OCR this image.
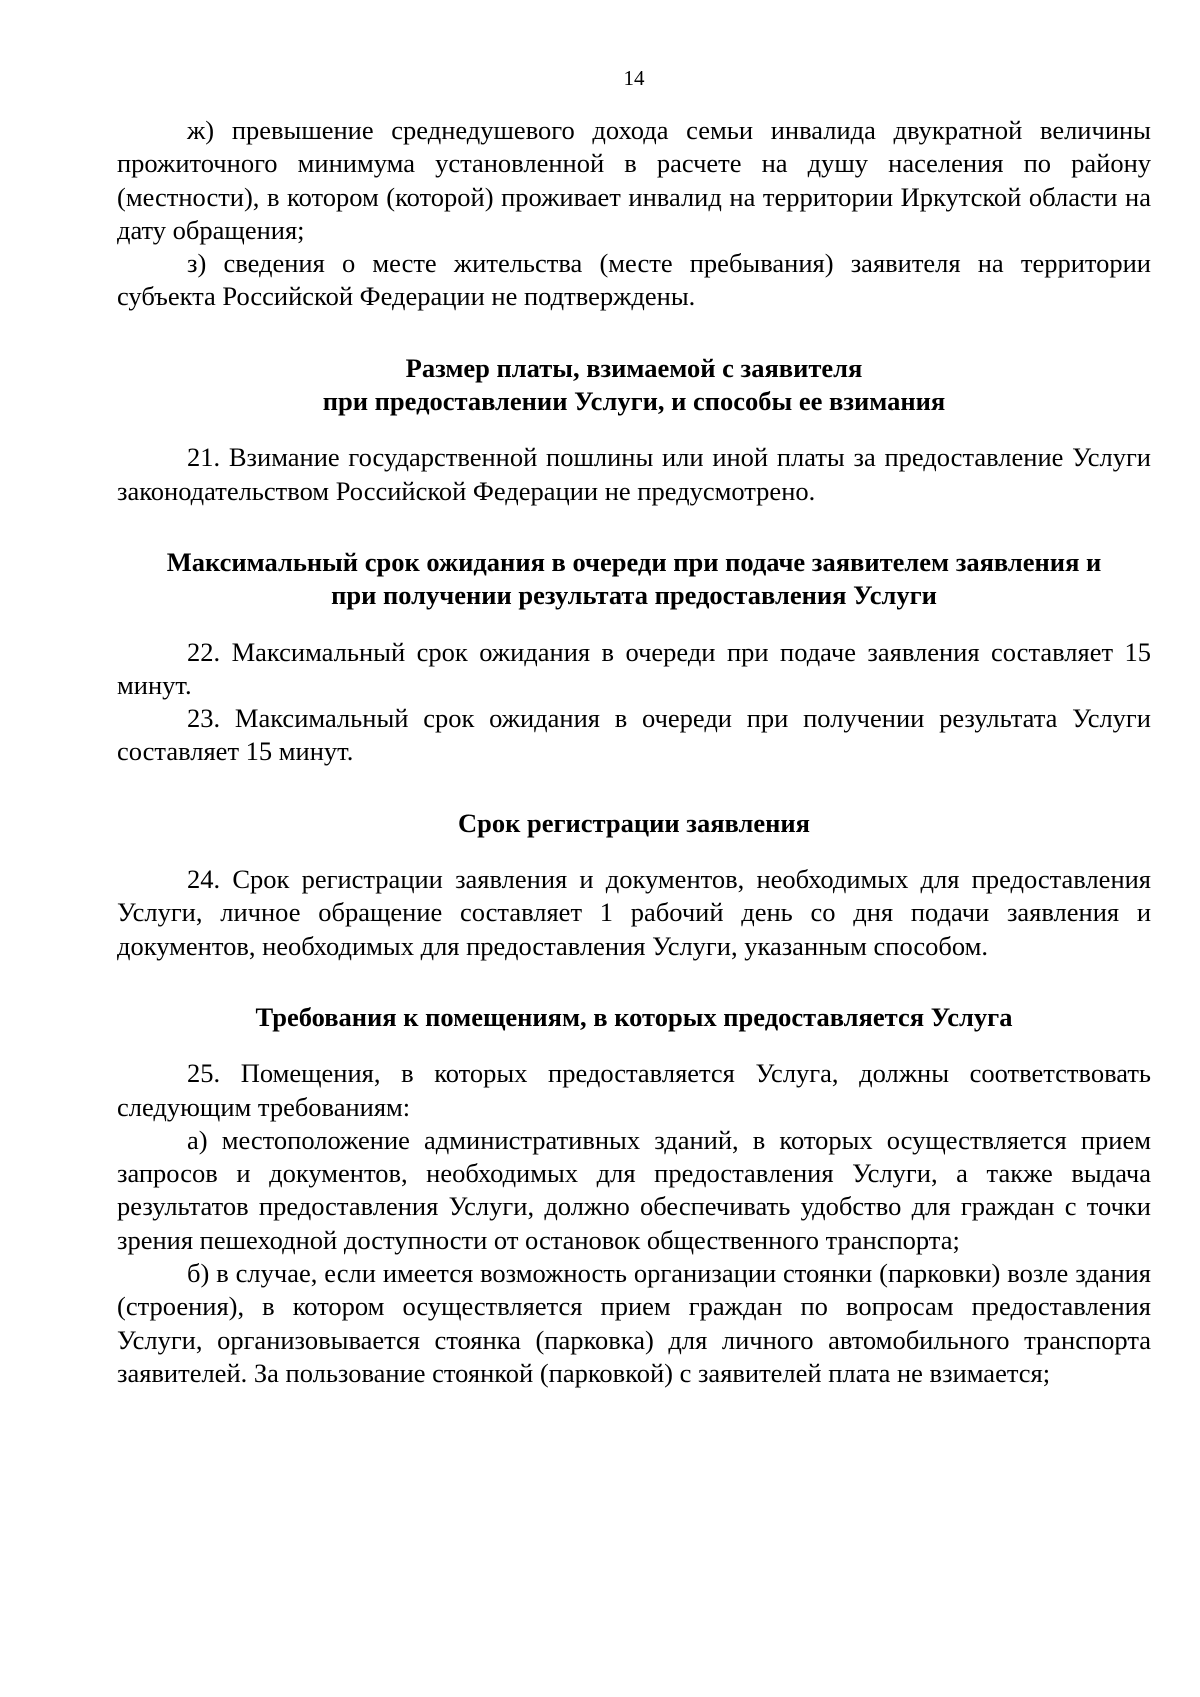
14

ж) превышение среднедушевого дохода семьи инвалида двукратной величины прожиточного минимума установленной в расчете на душу населения по району (местности), в котором (которой) проживает инвалид на территории Иркутской области на дату обращения;

з) сведения о месте жительства (месте пребывания) заявителя на территории субъекта Российской Федерации не подтверждены.

Размер платы, взимаемой с заявителя

при предоставлении Услуги, и способы ее взимания

21. Взимание государственной пошлины или иной платы за предоставление Услуги законодательством Российской Федерации не предусмотрено.

Максимальный срок ожидания в очереди при подаче заявителем заявления и

при получении результата предоставления Услуги

22. Максимальный срок ожидания в очереди при подаче заявления составляет 15 минут.

23. Максимальный срок ожидания в очереди при получении результата Услуги составляет 15 минут.

Срок регистрации заявления

24. Срок регистрации заявления и документов, необходимых для предоставления Услуги, личное обращение составляет 1 рабочий день со дня подачи заявления и документов, необходимых для предоставления Услуги, указанным способом.

Требования к помещениям, в которых предоставляется Услуга

25. Помещения, в которых предоставляется Услуга, должны соответствовать следующим требованиям:

а) местоположение административных зданий, в которых осуществляется прием запросов и документов, необходимых для предоставления Услуги, а также выдача результатов предоставления Услуги, должно обеспечивать удобство для граждан с точки зрения пешеходной доступности от остановок общественного транспорта;

б) в случае, если имеется возможность организации стоянки (парковки) возле здания (строения), в котором осуществляется прием граждан по вопросам предоставления Услуги, организовывается стоянка (парковка) для личного автомобильного транспорта заявителей. За пользование стоянкой (парковкой) с заявителей плата не взимается;
